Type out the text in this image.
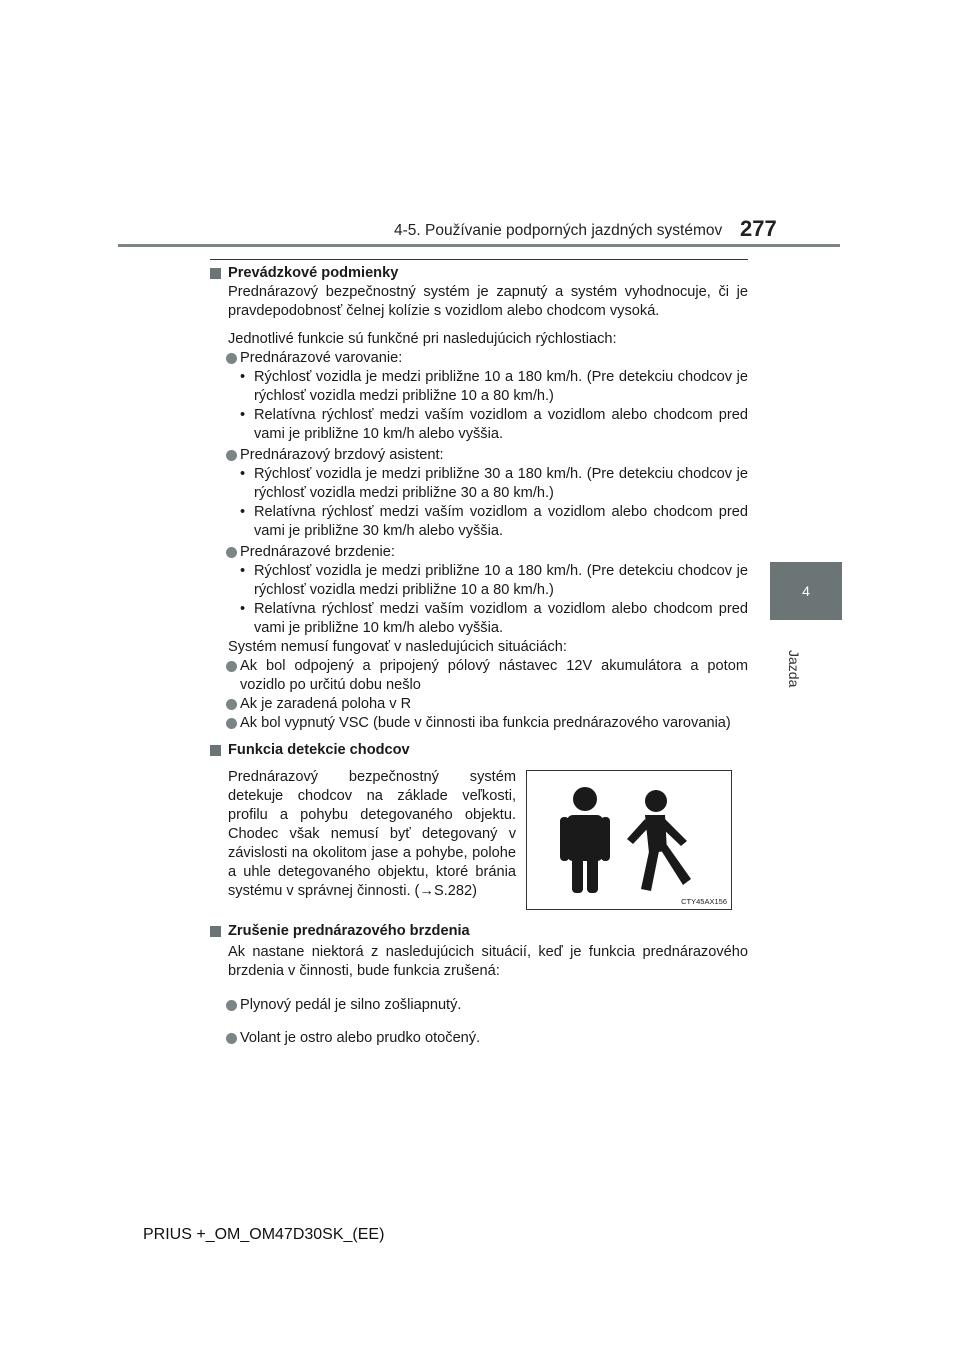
4-5. Používanie podporných jazdných systémov 277
4
Jazda

Prevádzkové podmienky

Prednárazový bezpečnostný systém je zapnutý a systém vyhodnocuje, či je pravdepodobnosť čelnej kolízie s vozidlom alebo chodcom vysoká.

Jednotlivé funkcie sú funkčné pri nasledujúcich rýchlostiach:

Prednárazové varovanie:

• Rýchlosť vozidla je medzi približne 10 a 180 km/h. (Pre detekciu chodcov je rýchlosť vozidla medzi približne 10 a 80 km/h.)

• Relatívna rýchlosť medzi vaším vozidlom a vozidlom alebo chodcom pred vami je približne 10 km/h alebo vyššia.

Prednárazový brzdový asistent:

• Rýchlosť vozidla je medzi približne 30 a 180 km/h. (Pre detekciu chodcov je rýchlosť vozidla medzi približne 30 a 80 km/h.)

• Relatívna rýchlosť medzi vaším vozidlom a vozidlom alebo chodcom pred vami je približne 30 km/h alebo vyššia.

Prednárazové brzdenie:

• Rýchlosť vozidla je medzi približne 10 a 180 km/h. (Pre detekciu chodcov je rýchlosť vozidla medzi približne 10 a 80 km/h.)

• Relatívna rýchlosť medzi vaším vozidlom a vozidlom alebo chodcom pred vami je približne 10 km/h alebo vyššia.

Systém nemusí fungovať v nasledujúcich situáciách:

Ak bol odpojený a pripojený pólový nástavec 12V akumulátora a potom vozidlo po určitú dobu nešlo

Ak je zaradená poloha v R

Ak bol vypnutý VSC (bude v činnosti iba funkcia prednárazového varovania)

Funkcia detekcie chodcov

Prednárazový bezpečnostný systém detekuje chodcov na základe veľkosti, profilu a pohybu detegovaného objektu. Chodec však nemusí byť detegovaný v závislosti na okolitom jase a pohybe, polohe a uhle detegovaného objektu, ktoré bránia systému v správnej činnosti. (→S.282)
CTY45AX156

Zrušenie prednárazového brzdenia

Ak nastane niektorá z nasledujúcich situácií, keď je funkcia prednárazového brzdenia v činnosti, bude funkcia zrušená:

Plynový pedál je silno zošliapnutý.

Volant je ostro alebo prudko otočený.

PRIUS +_OM_OM47D30SK_(EE)
